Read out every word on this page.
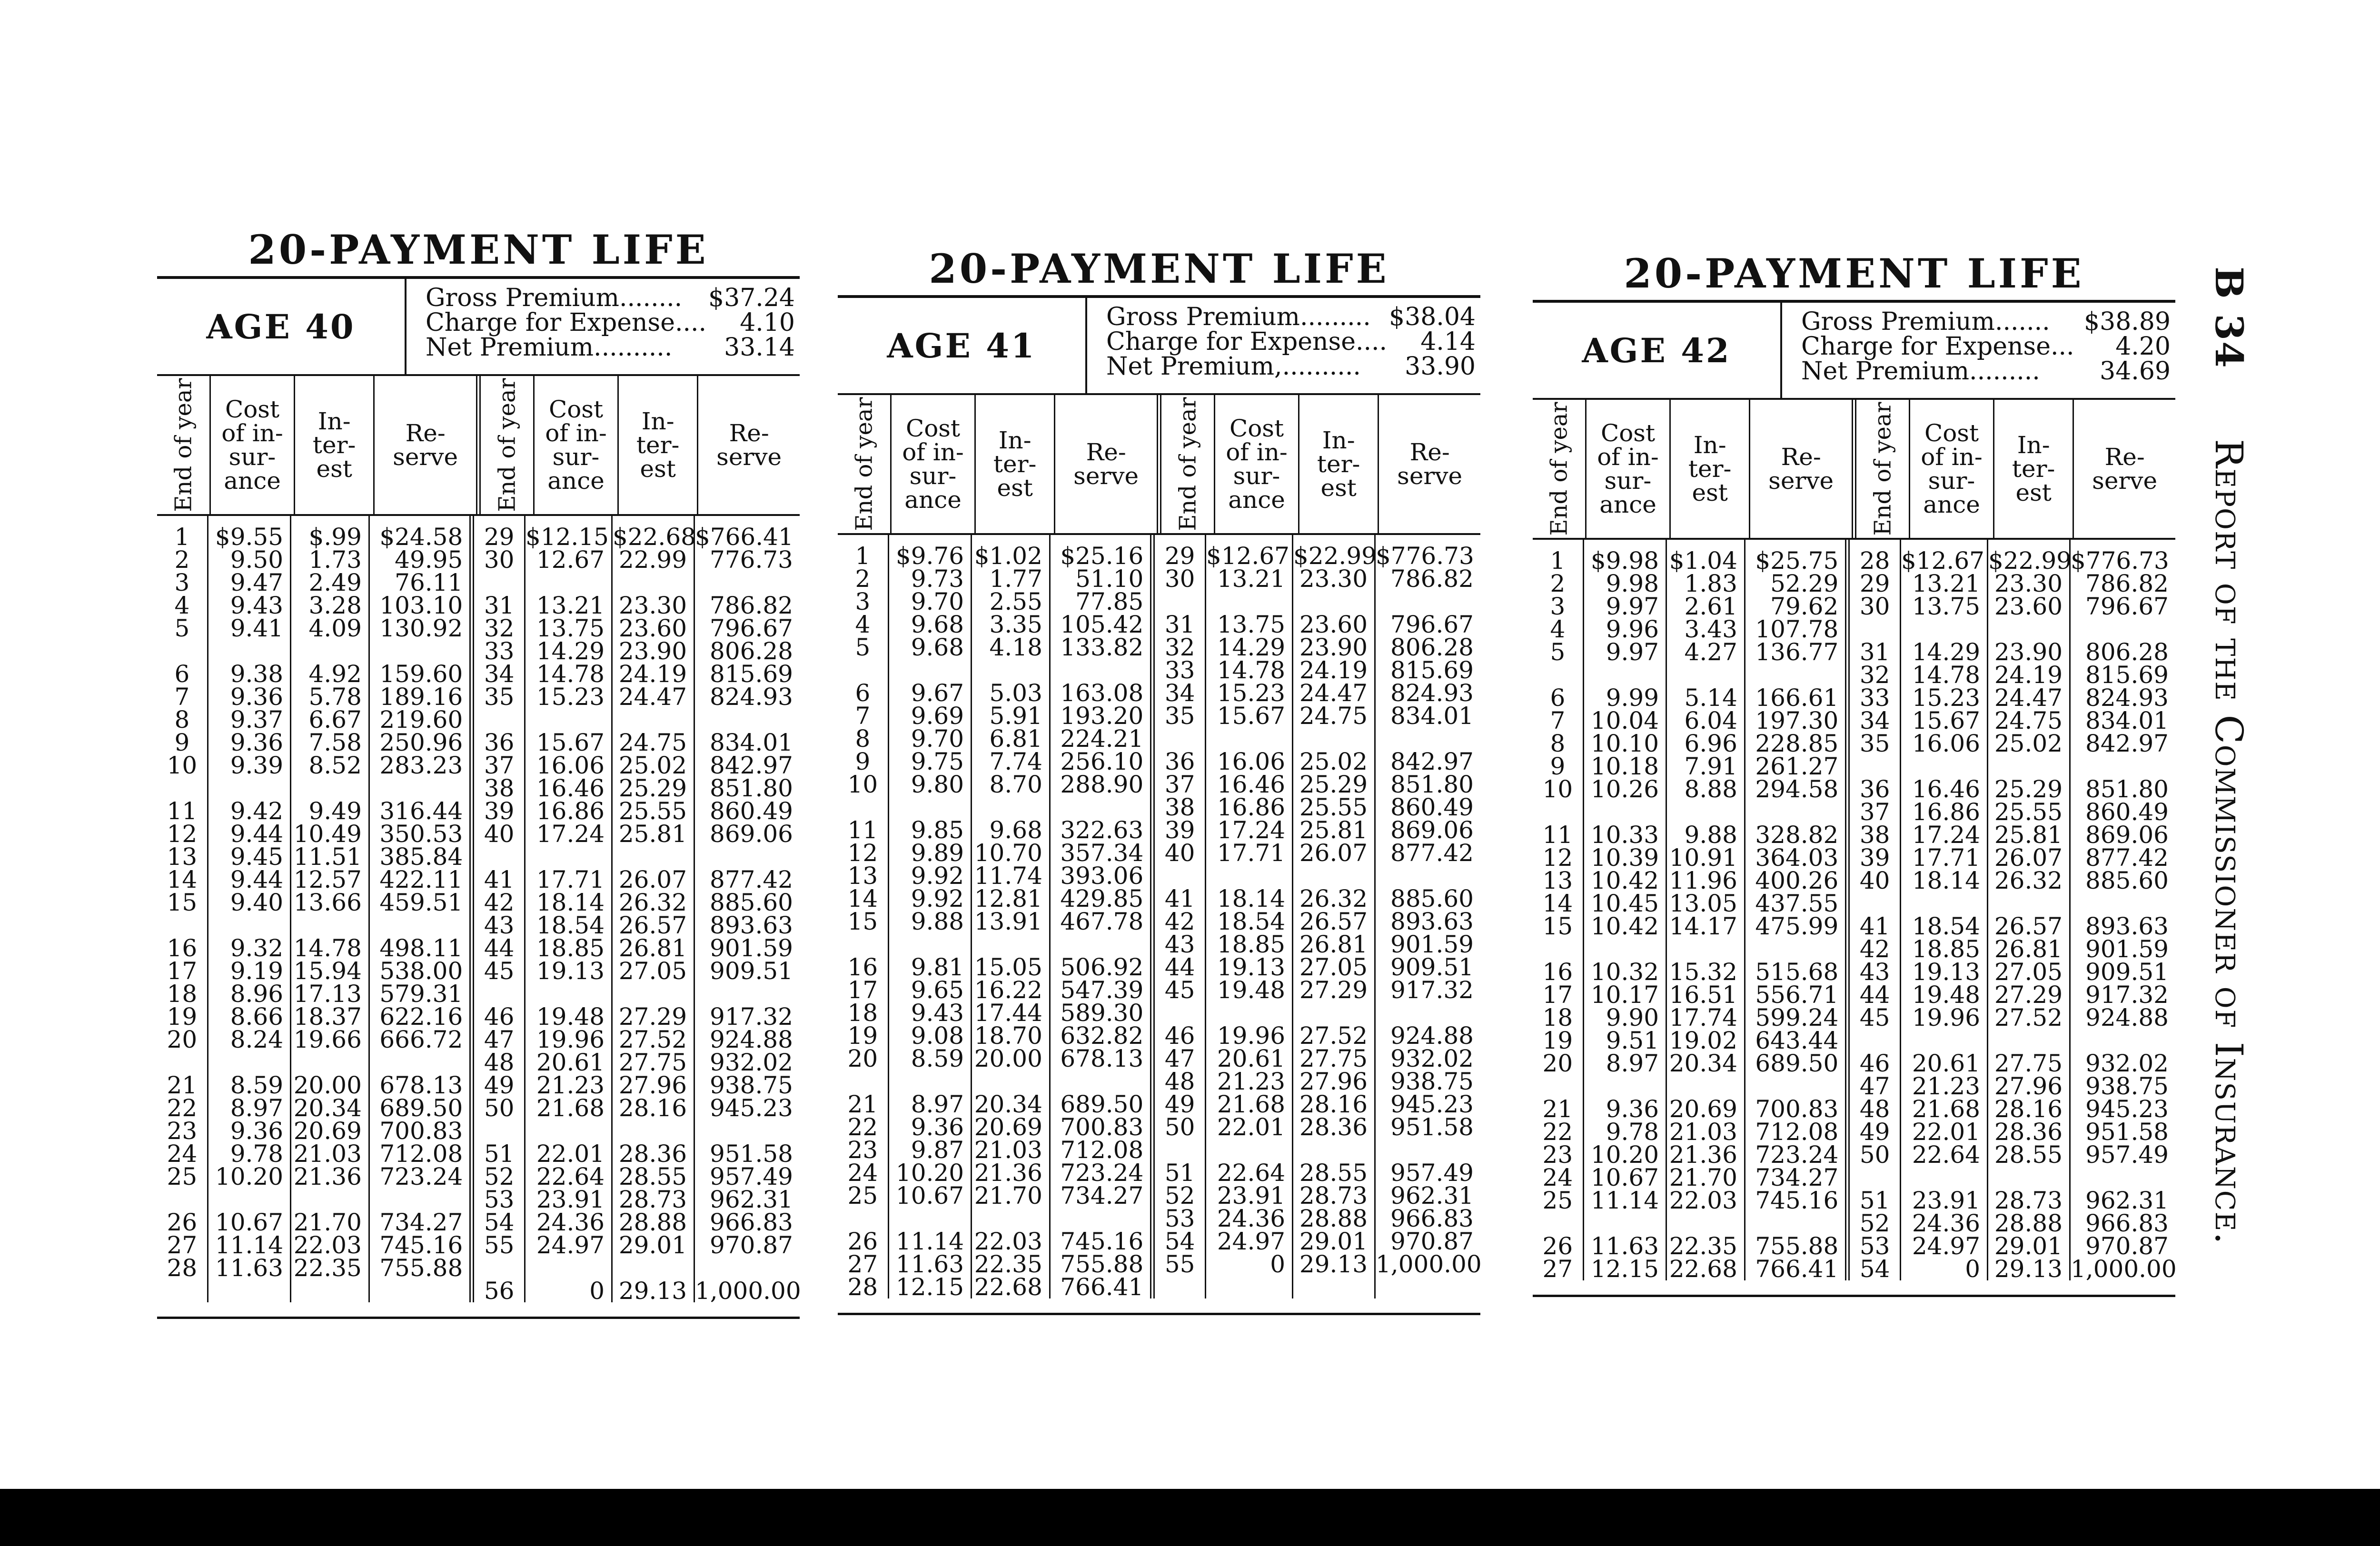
B 34 Report of the Commissioner of Insurance.
20-PAYMENT LIFE
AGE 40
Gross Premium........ $37.24
Charge for Expense.... 4.10
Net Premium.......... 33.14
End of year Cost
of in-
sur-
ance
In-
ter-
est
Re-
serve End of year Cost
of in-
sur-
ance
In-
ter-
est
Re-
serve
1
2
3
4
5
6
7
8
9
10
11
12
13
14
15
16
17
18
19
20
21
22
23
24
25
26
27
28
$9.55
9.50
9.47
9.43
9.41
9.38
9.36
9.37
9.36
9.39
9.42
9.44
9.45
9.44
9.40
9.32
9.19
8.96
8.66
8.24
8.59
8.97
9.36
9.78
10.20
10.67
11.14
11.63
$.99
1.73
2.49
3.28
4.09
4.92
5.78
6.67
7.58
8.52
9.49
10.49
11.51
12.57
13.66
14.78
15.94
17.13
18.37
19.66
20.00
20.34
20.69
21.03
21.36
21.70
22.03
22.35
$24.58
49.95
76.11
103.10
130.92
159.60
189.16
219.60
250.96
283.23
316.44
350.53
385.84
422.11
459.51
498.11
538.00
579.31
622.16
666.72
678.13
689.50
700.83
712.08
723.24
734.27
745.16
755.88
29
30
31
32
33
34
35
36
37
38
39
40
41
42
43
44
45
46
47
48
49
50
51
52
53
54
55
56
$12.15
12.67
13.21
13.75
14.29
14.78
15.23
15.67
16.06
16.46
16.86
17.24
17.71
18.14
18.54
18.85
19.13
19.48
19.96
20.61
21.23
21.68
22.01
22.64
23.91
24.36
24.97
0
$22.68
22.99
23.30
23.60
23.90
24.19
24.47
24.75
25.02
25.29
25.55
25.81
26.07
26.32
26.57
26.81
27.05
27.29
27.52
27.75
27.96
28.16
28.36
28.55
28.73
28.88
29.01
29.13
$766.41
776.73
786.82
796.67
806.28
815.69
824.93
834.01
842.97
851.80
860.49
869.06
877.42
885.60
893.63
901.59
909.51
917.32
924.88
932.02
938.75
945.23
951.58
957.49
962.31
966.83
970.87
1,000.00
20-PAYMENT LIFE
AGE 41
Gross Premium......... $38.04
Charge for Expense.... 4.14
Net Premium,.......... 33.90
End of year Cost
of in-
sur-
ance
In-
ter-
est
Re-
serve End of year Cost
of in-
sur-
ance
In-
ter-
est
Re-
serve
1
2
3
4
5
6
7
8
9
10
11
12
13
14
15
16
17
18
19
20
21
22
23
24
25
26
27
28
$9.76
9.73
9.70
9.68
9.68
9.67
9.69
9.70
9.75
9.80
9.85
9.89
9.92
9.92
9.88
9.81
9.65
9.43
9.08
8.59
8.97
9.36
9.87
10.20
10.67
11.14
11.63
12.15
$1.02
1.77
2.55
3.35
4.18
5.03
5.91
6.81
7.74
8.70
9.68
10.70
11.74
12.81
13.91
15.05
16.22
17.44
18.70
20.00
20.34
20.69
21.03
21.36
21.70
22.03
22.35
22.68
$25.16
51.10
77.85
105.42
133.82
163.08
193.20
224.21
256.10
288.90
322.63
357.34
393.06
429.85
467.78
506.92
547.39
589.30
632.82
678.13
689.50
700.83
712.08
723.24
734.27
745.16
755.88
766.41
29
30
31
32
33
34
35
36
37
38
39
40
41
42
43
44
45
46
47
48
49
50
51
52
53
54
55
$12.67
13.21
13.75
14.29
14.78
15.23
15.67
16.06
16.46
16.86
17.24
17.71
18.14
18.54
18.85
19.13
19.48
19.96
20.61
21.23
21.68
22.01
22.64
23.91
24.36
24.97
0
$22.99
23.30
23.60
23.90
24.19
24.47
24.75
25.02
25.29
25.55
25.81
26.07
26.32
26.57
26.81
27.05
27.29
27.52
27.75
27.96
28.16
28.36
28.55
28.73
28.88
29.01
29.13
$776.73
786.82
796.67
806.28
815.69
824.93
834.01
842.97
851.80
860.49
869.06
877.42
885.60
893.63
901.59
909.51
917.32
924.88
932.02
938.75
945.23
951.58
957.49
962.31
966.83
970.87
1,000.00
20-PAYMENT LIFE
AGE 42
Gross Premium....... $38.89
Charge for Expense... 4.20
Net Premium......... 34.69
End of year Cost
of in-
sur-
ance
In-
ter-
est
Re-
serve End of year Cost
of in-
sur-
ance
In-
ter-
est
Re-
serve
1
2
3
4
5
6
7
8
9
10
11
12
13
14
15
16
17
18
19
20
21
22
23
24
25
26
27
$9.98
9.98
9.97
9.96
9.97
9.99
10.04
10.10
10.18
10.26
10.33
10.39
10.42
10.45
10.42
10.32
10.17
9.90
9.51
8.97
9.36
9.78
10.20
10.67
11.14
11.63
12.15
$1.04
1.83
2.61
3.43
4.27
5.14
6.04
6.96
7.91
8.88
9.88
10.91
11.96
13.05
14.17
15.32
16.51
17.74
19.02
20.34
20.69
21.03
21.36
21.70
22.03
22.35
22.68
$25.75
52.29
79.62
107.78
136.77
166.61
197.30
228.85
261.27
294.58
328.82
364.03
400.26
437.55
475.99
515.68
556.71
599.24
643.44
689.50
700.83
712.08
723.24
734.27
745.16
755.88
766.41
28
29
30
31
32
33
34
35
36
37
38
39
40
41
42
43
44
45
46
47
48
49
50
51
52
53
54
$12.67
13.21
13.75
14.29
14.78
15.23
15.67
16.06
16.46
16.86
17.24
17.71
18.14
18.54
18.85
19.13
19.48
19.96
20.61
21.23
21.68
22.01
22.64
23.91
24.36
24.97
0
$22.99
23.30
23.60
23.90
24.19
24.47
24.75
25.02
25.29
25.55
25.81
26.07
26.32
26.57
26.81
27.05
27.29
27.52
27.75
27.96
28.16
28.36
28.55
28.73
28.88
29.01
29.13
$776.73
786.82
796.67
806.28
815.69
824.93
834.01
842.97
851.80
860.49
869.06
877.42
885.60
893.63
901.59
909.51
917.32
924.88
932.02
938.75
945.23
951.58
957.49
962.31
966.83
970.87
1,000.00
